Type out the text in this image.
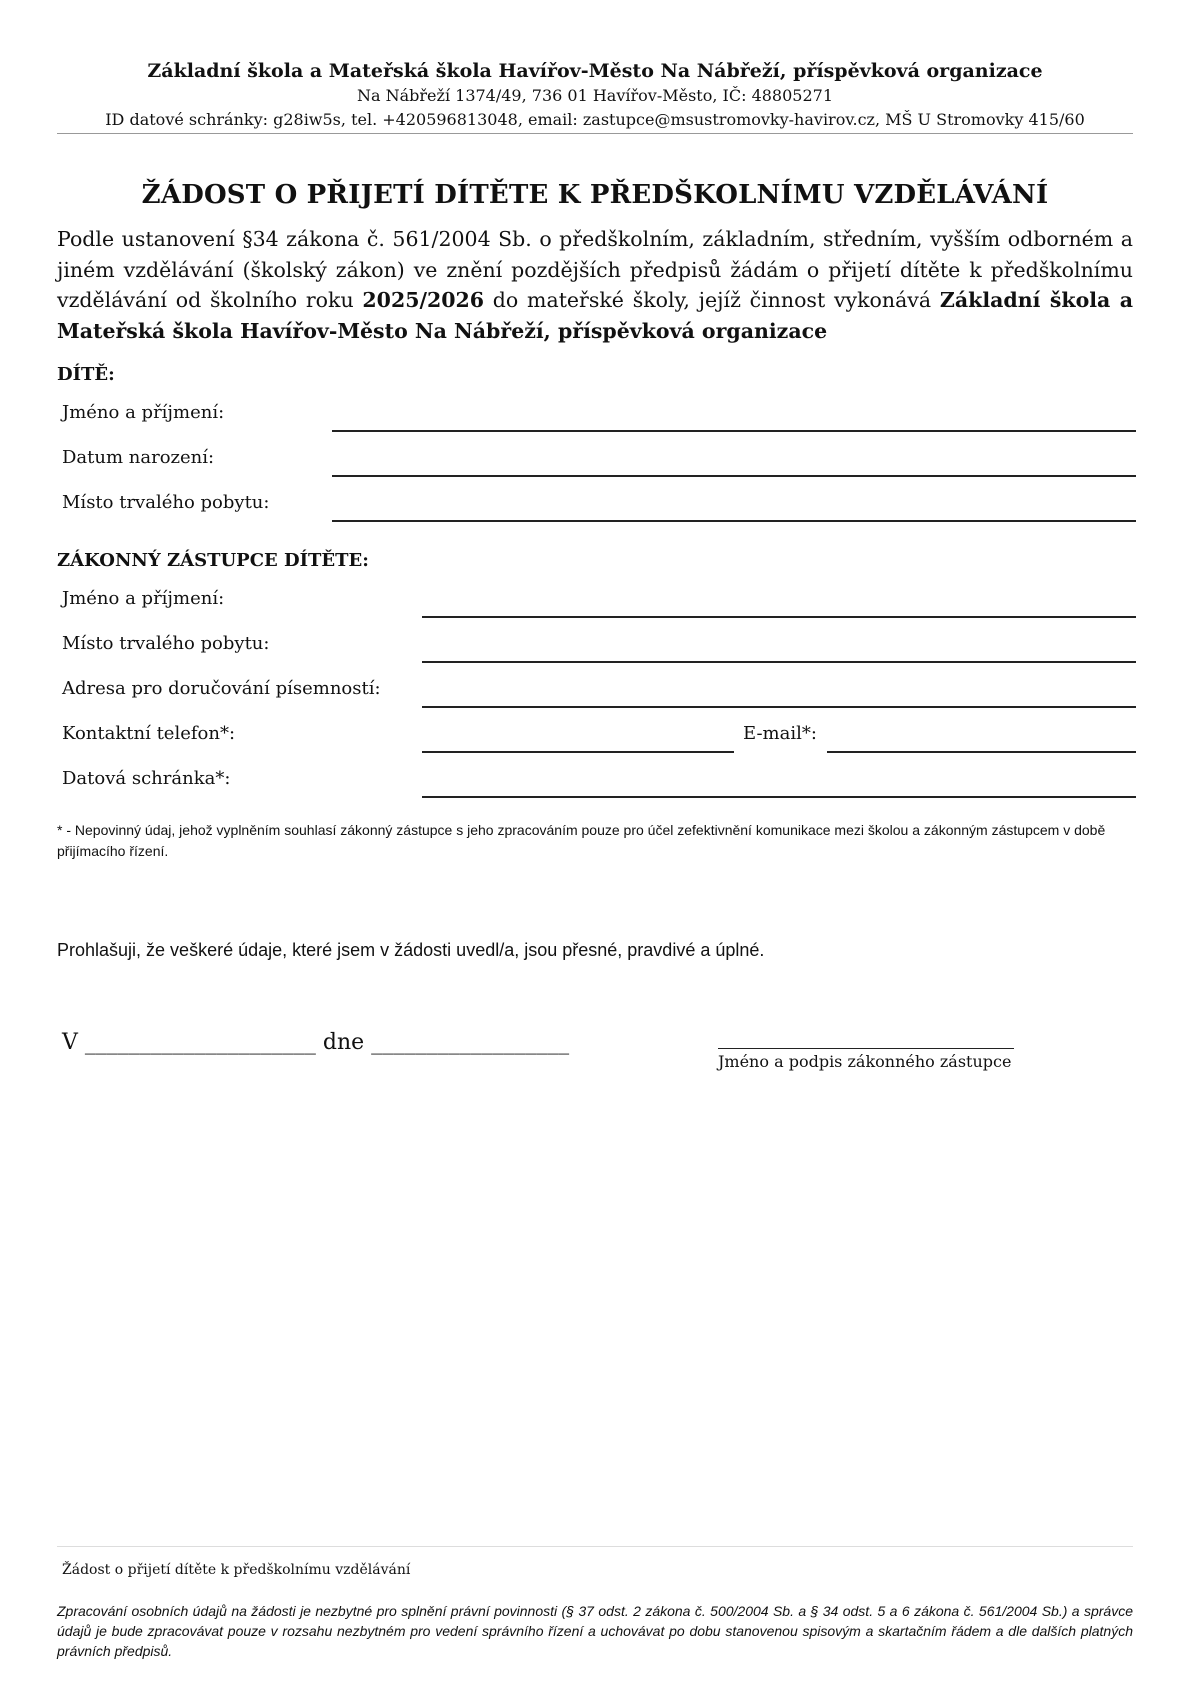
Základní škola a Mateřská škola Havířov-Město Na Nábřeží, příspěvková organizace
Na Nábřeží 1374/49, 736 01 Havířov-Město, IČ: 48805271
ID datové schránky: g28iw5s, tel. +420596813048, email: zastupce@msustromovky-havirov.cz, MŠ U Stromovky 415/60
ŽÁDOST O PŘIJETÍ DÍTĚTE K PŘEDŠKOLNÍMU VZDĚLÁVÁNÍ
Podle ustanovení §34 zákona č. 561/2004 Sb. o předškolním, základním, středním, vyšším odborném a jiném vzdělávání (školský zákon) ve znění pozdějších předpisů žádám o přijetí dítěte k předškolnímu vzdělávání od školního roku 2025/2026 do mateřské školy, jejíž činnost vykonává Základní škola a Mateřská škola Havířov-Město Na Nábřeží, příspěvková organizace
DÍTĚ:
Jméno a příjmení:
Datum narození:
Místo trvalého pobytu:
ZÁKONNÝ ZÁSTUPCE DÍTĚTE:
Jméno a příjmení:
Místo trvalého pobytu:
Adresa pro doručování písemností:
Kontaktní telefon*:	E-mail*:
Datová schránka*:
* - Nepovinný údaj, jehož vyplněním souhlasí zákonný zástupce s jeho zpracováním pouze pro účel zefektivnění komunikace mezi školou a zákonným zástupcem v době přijímacího řízení.
Prohlašuji, že veškeré údaje, které jsem v žádosti uvedl/a, jsou přesné, pravdivé a úplné.
V _____________________ dne __________________
Jméno a podpis zákonného zástupce
Žádost o přijetí dítěte k předškolnímu vzdělávání
Zpracování osobních údajů na žádosti je nezbytné pro splnění právní povinnosti (§ 37 odst. 2 zákona č. 500/2004 Sb. a § 34 odst. 5 a 6 zákona č. 561/2004 Sb.) a správce údajů je bude zpracovávat pouze v rozsahu nezbytném pro vedení správního řízení a uchovávat po dobu stanovenou spisovým a skartačním řádem a dle dalších platných právních předpisů.
